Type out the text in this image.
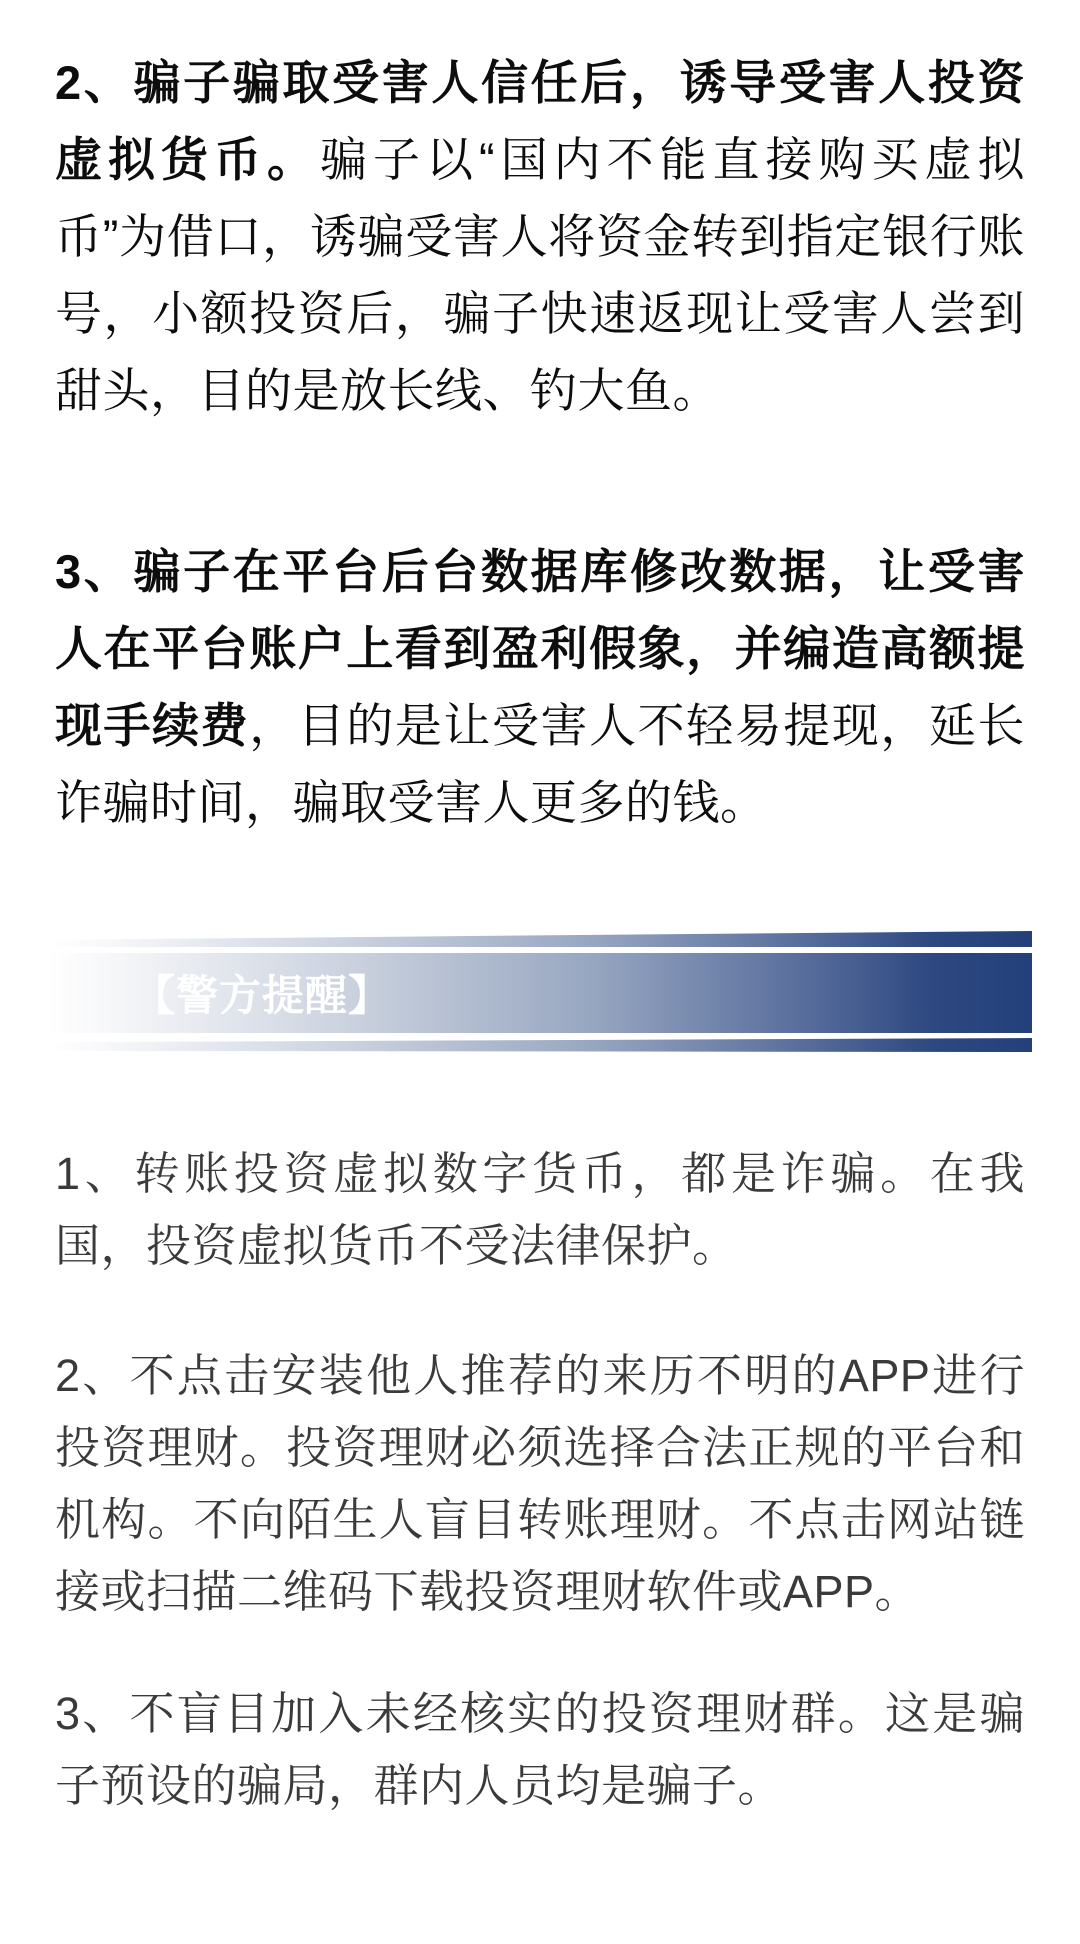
2、骗子骗取受害人信任后，诱导受害人投资虚拟货币。骗子以“国内不能直接购买虚拟币”为借口，诱骗受害人将资金转到指定银行账号，小额投资后，骗子快速返现让受害人尝到甜头，目的是放长线、钓大鱼。

3、骗子在平台后台数据库修改数据，让受害人在平台账户上看到盈利假象，并编造高额提现手续费，目的是让受害人不轻易提现，延长诈骗时间，骗取受害人更多的钱。

【警方提醒】

1、转账投资虚拟数字货币，都是诈骗。在我国，投资虚拟货币不受法律保护。

2、不点击安装他人推荐的来历不明的APP进行投资理财。投资理财必须选择合法正规的平台和机构。不向陌生人盲目转账理财。不点击网站链接或扫描二维码下载投资理财软件或APP。

3、不盲目加入未经核实的投资理财群。这是骗子预设的骗局，群内人员均是骗子。
